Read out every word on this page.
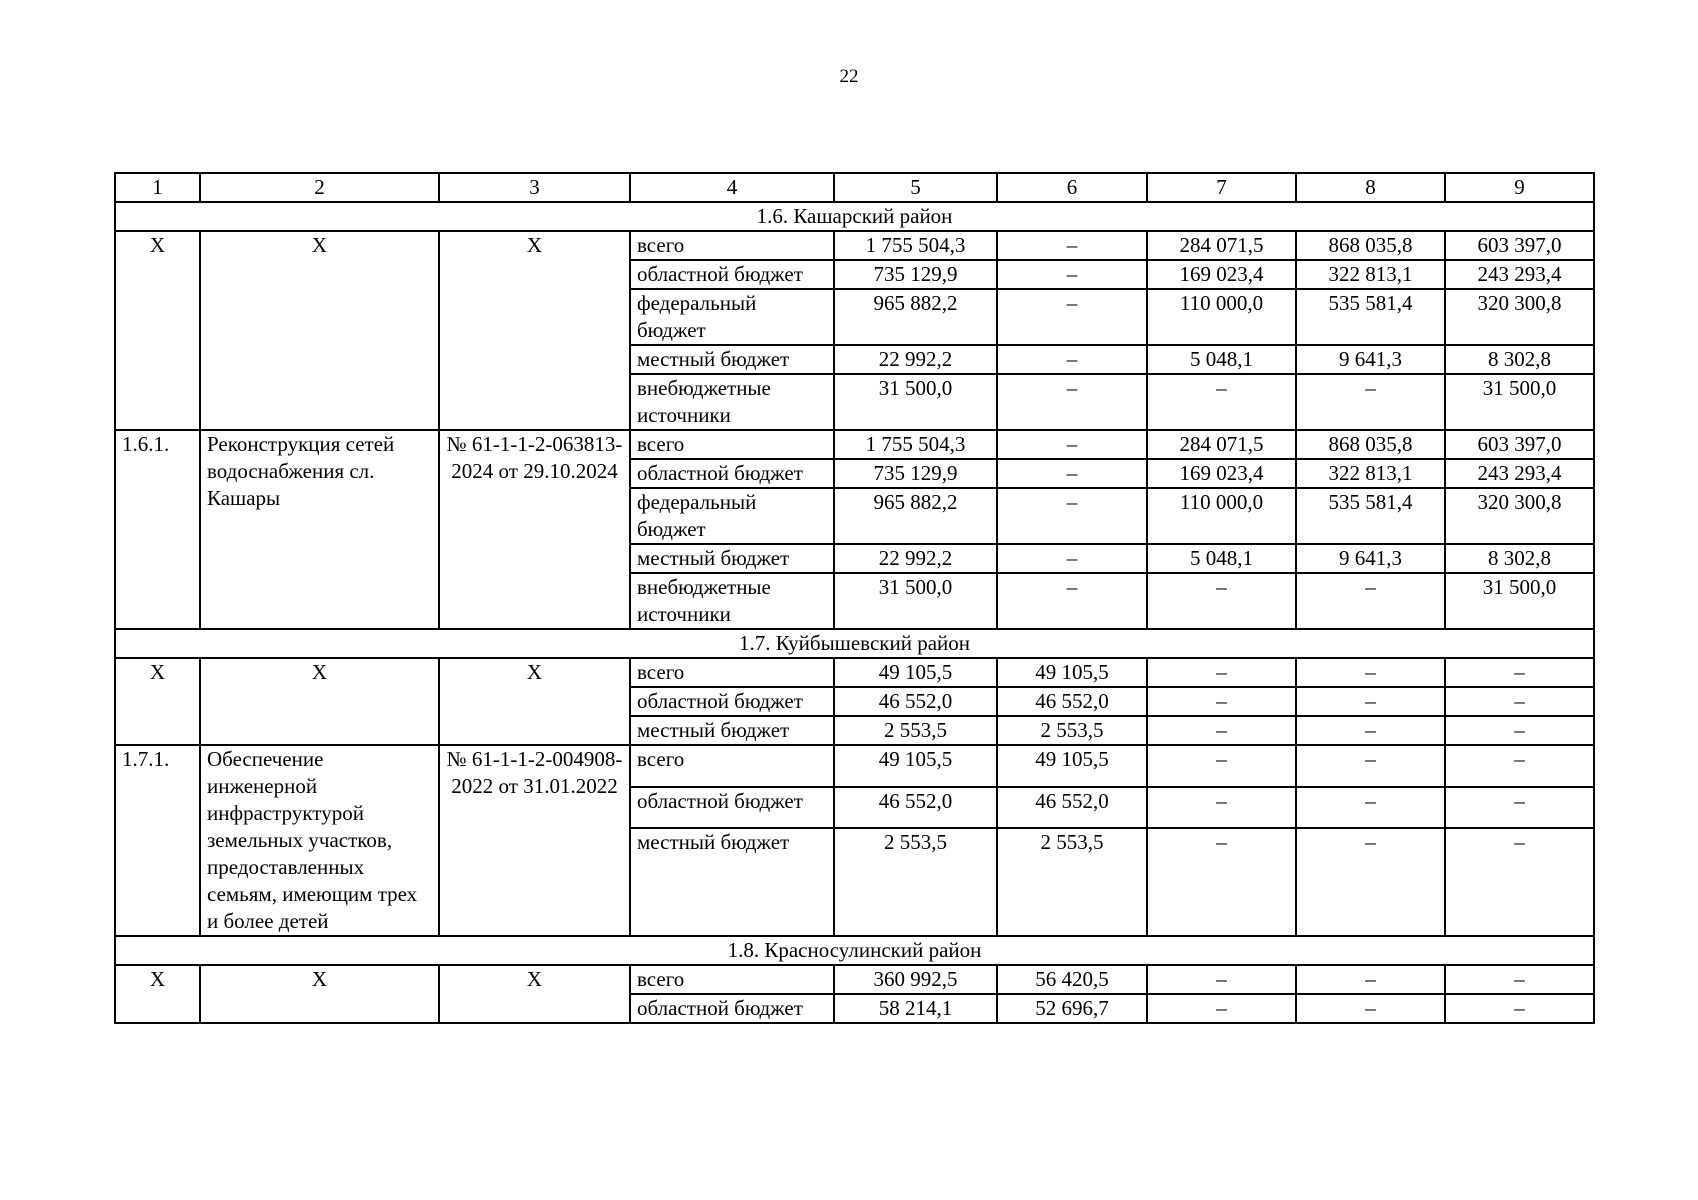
22
1	2	3	4	5	6	7	8	9
1.6. Кашарский район								
Х	Х	Х	всего	1 755 504,3	–	284 071,5	868 035,8	603 397,0
			областной бюджет	735 129,9	–	169 023,4	322 813,1	243 293,4
			федеральный бюджет	965 882,2	–	110 000,0	535 581,4	320 300,8
			местный бюджет	22 992,2	–	5 048,1	9 641,3	8 302,8
			внебюджетные источники	31 500,0	–	–	–	31 500,0
1.6.1.	Реконструкция сетей водоснабжения сл. Кашары	№ 61-1-1-2-063813-2024 от 29.10.2024	всего	1 755 504,3	–	284 071,5	868 035,8	603 397,0
			областной бюджет	735 129,9	–	169 023,4	322 813,1	243 293,4
			федеральный бюджет	965 882,2	–	110 000,0	535 581,4	320 300,8
			местный бюджет	22 992,2	–	5 048,1	9 641,3	8 302,8
			внебюджетные источники	31 500,0	–	–	–	31 500,0
1.7. Куйбышевский район								
Х	Х	Х	всего	49 105,5	49 105,5	–	–	–
			областной бюджет	46 552,0	46 552,0	–	–	–
			местный бюджет	2 553,5	2 553,5	–	–	–
1.7.1.	Обеспечение инженерной инфраструктурой земельных участков, предоставленных семьям, имеющим трех и более детей	№ 61-1-1-2-004908-2022 от 31.01.2022	всего	49 105,5	49 105,5	–	–	–
			областной бюджет	46 552,0	46 552,0	–	–	–
			местный бюджет	2 553,5	2 553,5	–	–	–
1.8. Красносулинский район								
Х	Х	Х	всего	360 992,5	56 420,5	–	–	–
			областной бюджет	58 214,1	52 696,7	–	–	–
